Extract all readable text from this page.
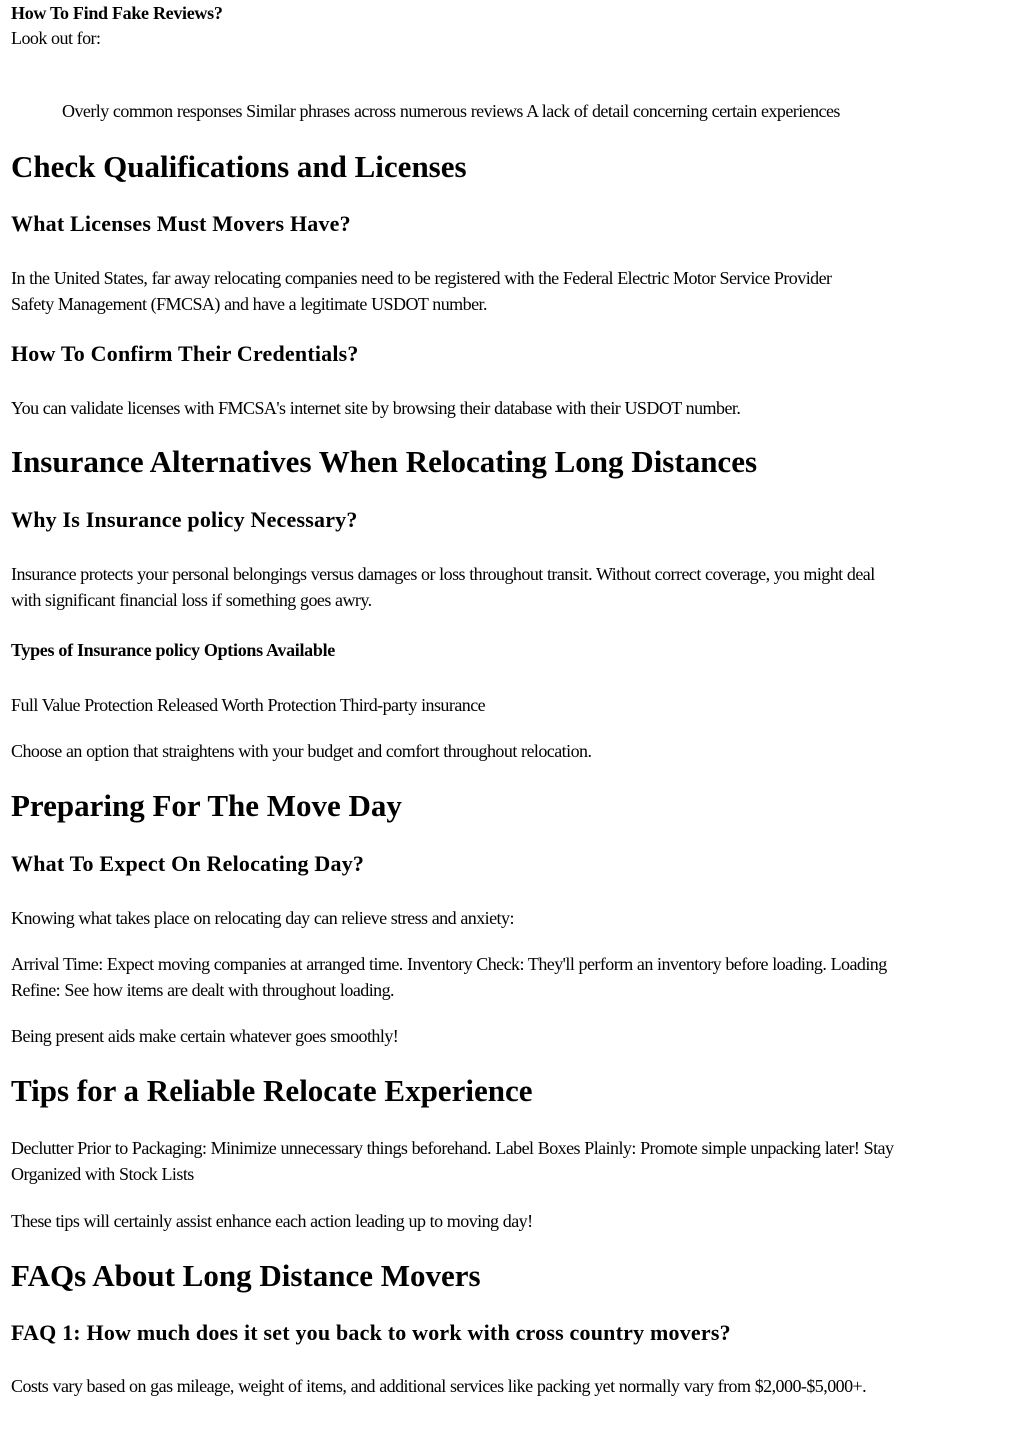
How To Find Fake Reviews?
Look out for:
Overly common responses Similar phrases across numerous reviews A lack of detail concerning certain experiences
Check Qualifications and Licenses
What Licenses Must Movers Have?
In the United States, far away relocating companies need to be registered with the Federal Electric Motor Service Provider
Safety Management (FMCSA) and have a legitimate USDOT number.
How To Confirm Their Credentials?
You can validate licenses with FMCSA's internet site by browsing their database with their USDOT number.
Insurance Alternatives When Relocating Long Distances
Why Is Insurance policy Necessary?
Insurance protects your personal belongings versus damages or loss throughout transit. Without correct coverage, you might deal
with significant financial loss if something goes awry.
Types of Insurance policy Options Available
Full Value Protection Released Worth Protection Third-party insurance
Choose an option that straightens with your budget and comfort throughout relocation.
Preparing For The Move Day
What To Expect On Relocating Day?
Knowing what takes place on relocating day can relieve stress and anxiety:
Arrival Time: Expect moving companies at arranged time. Inventory Check: They'll perform an inventory before loading. Loading
Refine: See how items are dealt with throughout loading.
Being present aids make certain whatever goes smoothly!
Tips for a Reliable Relocate Experience
Declutter Prior to Packaging: Minimize unnecessary things beforehand. Label Boxes Plainly: Promote simple unpacking later! Stay
Organized with Stock Lists
These tips will certainly assist enhance each action leading up to moving day!
FAQs About Long Distance Movers
FAQ 1: How much does it set you back to work with cross country movers?
Costs vary based on gas mileage, weight of items, and additional services like packing yet normally vary from $2,000-$5,000+.
